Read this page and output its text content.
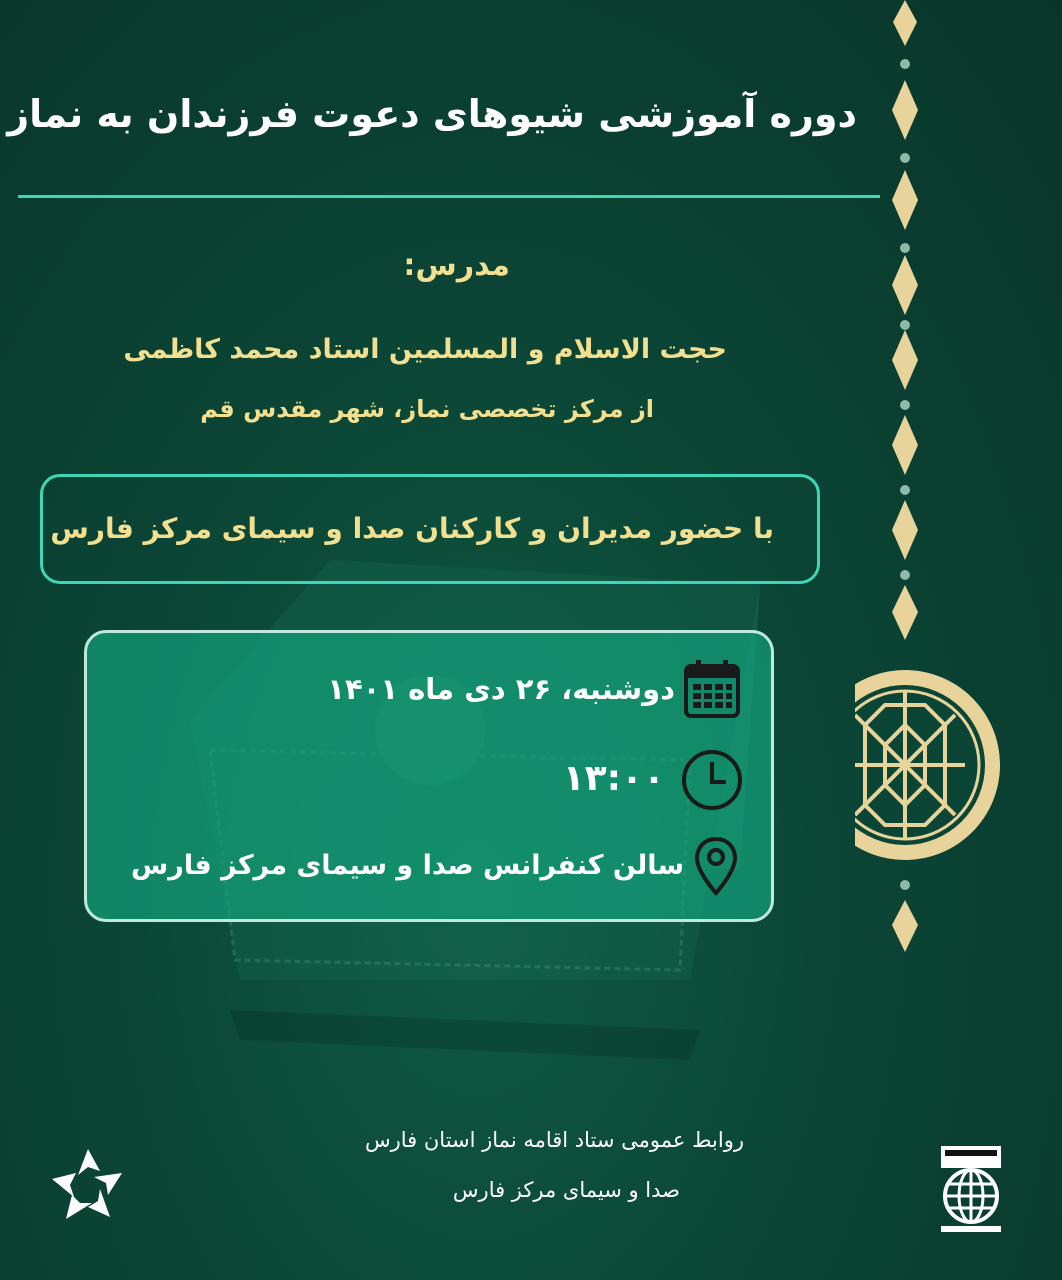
دوره آموزشی شیوهای دعوت فرزندان به نماز
مدرس:
حجت الاسلام و المسلمین استاد محمد کاظمی
از مرکز تخصصی نماز، شهر مقدس قم
با حضور مدیران و کارکنان صدا و سیمای مرکز فارس
دوشنبه، ۲۶ دی ماه ۱۴۰۱
۱۳:۰۰
سالن کنفرانس صدا و سیمای مرکز فارس
روابط عمومی ستاد اقامه نماز استان فارس
صدا و سیمای مرکز فارس
